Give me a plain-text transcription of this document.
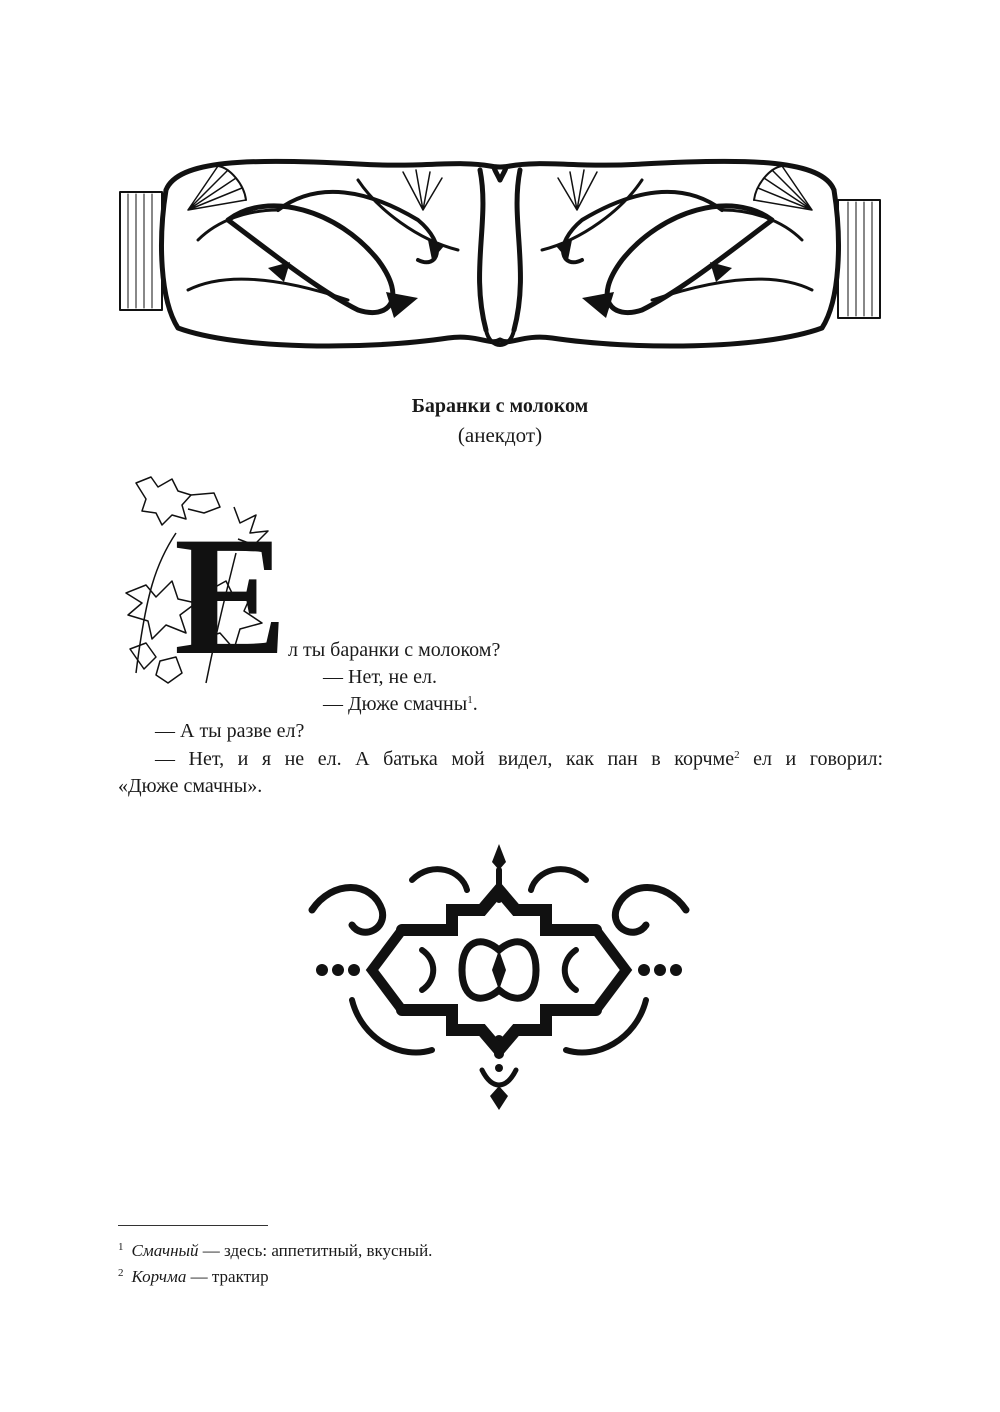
Баранки с молоком
(анекдот)
Е л ты баранки с молоком?
— Нет, не ел.
— Дюже смачны$^1$.
— А ты разве ел?
— Нет, и я не ел. А батька мой видел, как пан в корчме$^2$ ел и говорил:
«Дюже смачны».
$^1$ Смачный — здесь: аппетитный, вкусный.
$^2$ Корчма — трактир
